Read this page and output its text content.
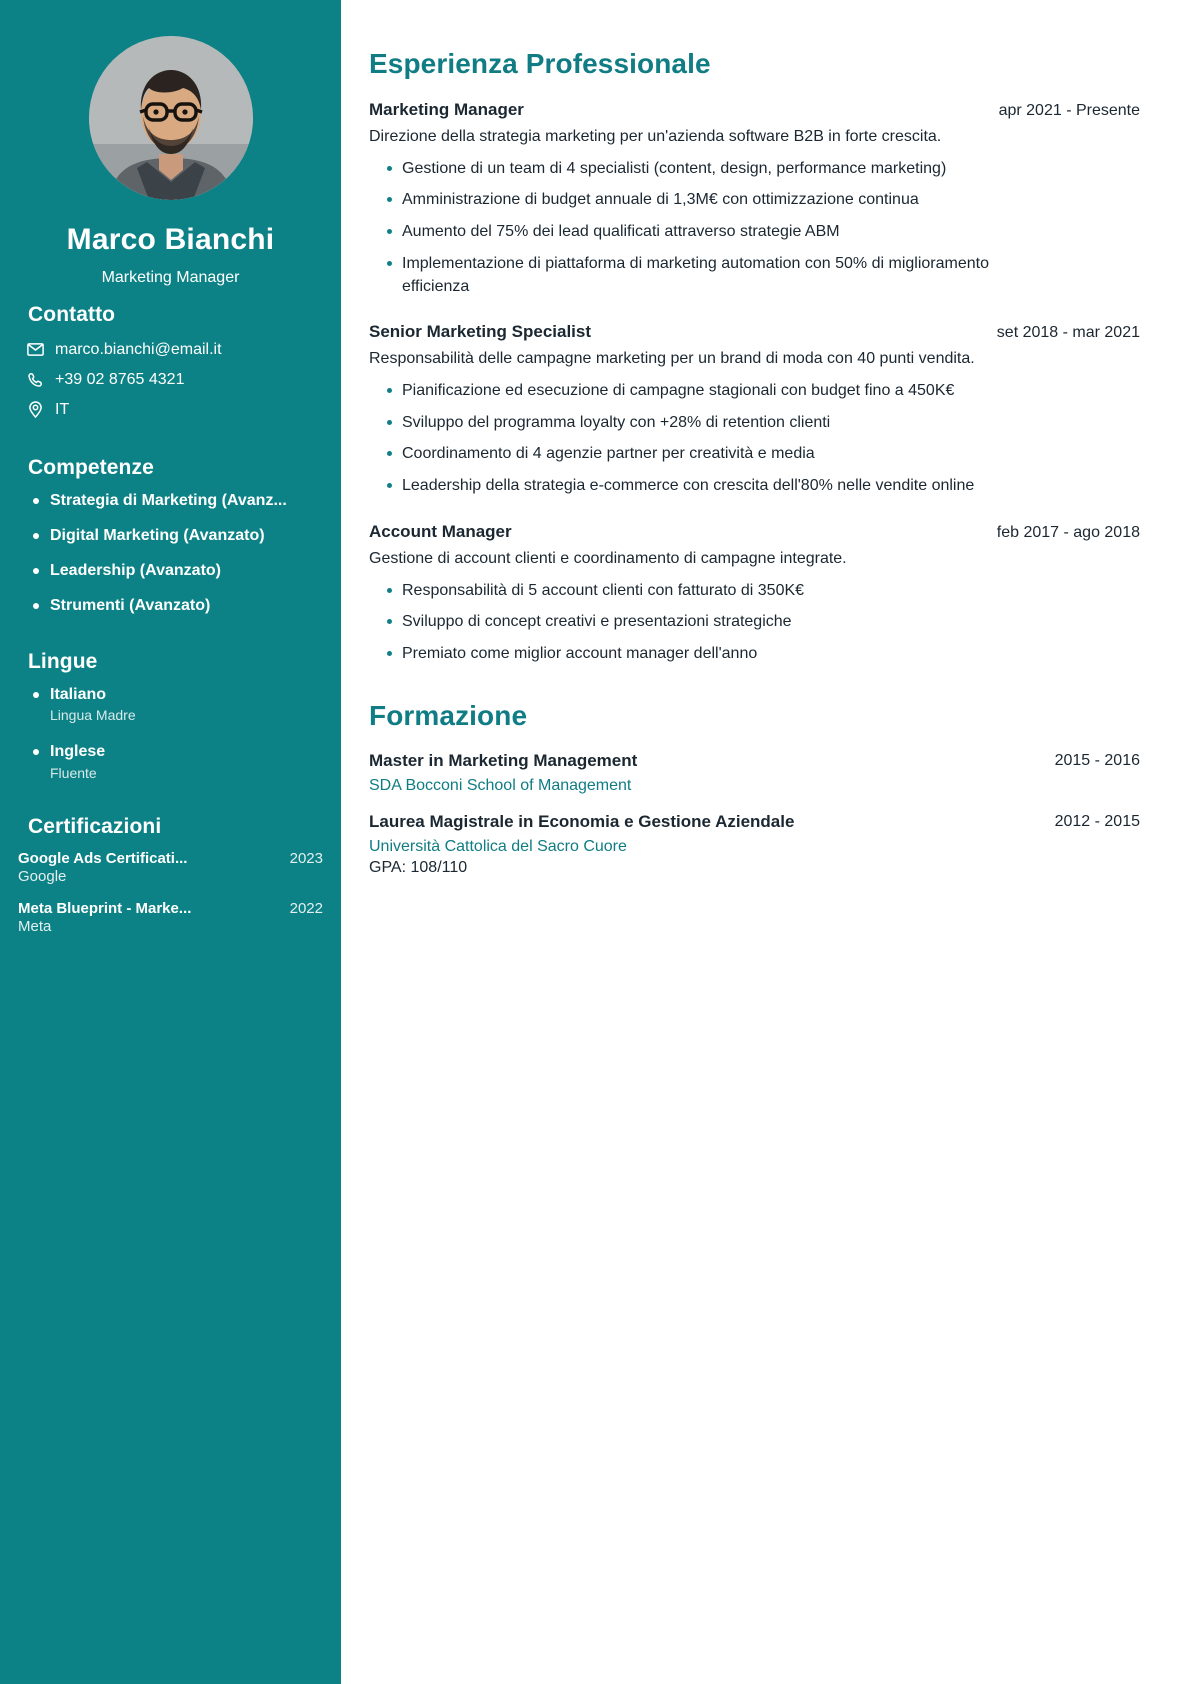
Marco Bianchi
Marketing Manager
Contatto
marco.bianchi@email.it
+39 02 8765 4321
IT
Competenze
Strategia di Marketing (Avanz...
Digital Marketing (Avanzato)
Leadership (Avanzato)
Strumenti (Avanzato)
Lingue
Italiano
Lingua Madre
Inglese
Fluente
Certificazioni
Google Ads Certificati...	2023
Google
Meta Blueprint - Marke...	2022
Meta
Esperienza Professionale
Marketing Manager	apr 2021 - Presente

Direzione della strategia marketing per un'azienda software B2B in forte crescita.

Gestione di un team di 4 specialisti (content, design, performance marketing)
Amministrazione di budget annuale di 1,3M€ con ottimizzazione continua
Aumento del 75% dei lead qualificati attraverso strategie ABM
Implementazione di piattaforma di marketing automation con 50% di miglioramento efficienza
Senior Marketing Specialist	set 2018 - mar 2021

Responsabilità delle campagne marketing per un brand di moda con 40 punti vendita.

Pianificazione ed esecuzione di campagne stagionali con budget fino a 450K€
Sviluppo del programma loyalty con +28% di retention clienti
Coordinamento di 4 agenzie partner per creatività e media
Leadership della strategia e-commerce con crescita dell'80% nelle vendite online
Account Manager	feb 2017 - ago 2018

Gestione di account clienti e coordinamento di campagne integrate.

Responsabilità di 5 account clienti con fatturato di 350K€
Sviluppo di concept creativi e presentazioni strategiche
Premiato come miglior account manager dell'anno
Formazione
Master in Marketing Management	2015 - 2016
SDA Bocconi School of Management
Laurea Magistrale in Economia e Gestione Aziendale	2012 - 2015
Università Cattolica del Sacro Cuore
GPA: 108/110
